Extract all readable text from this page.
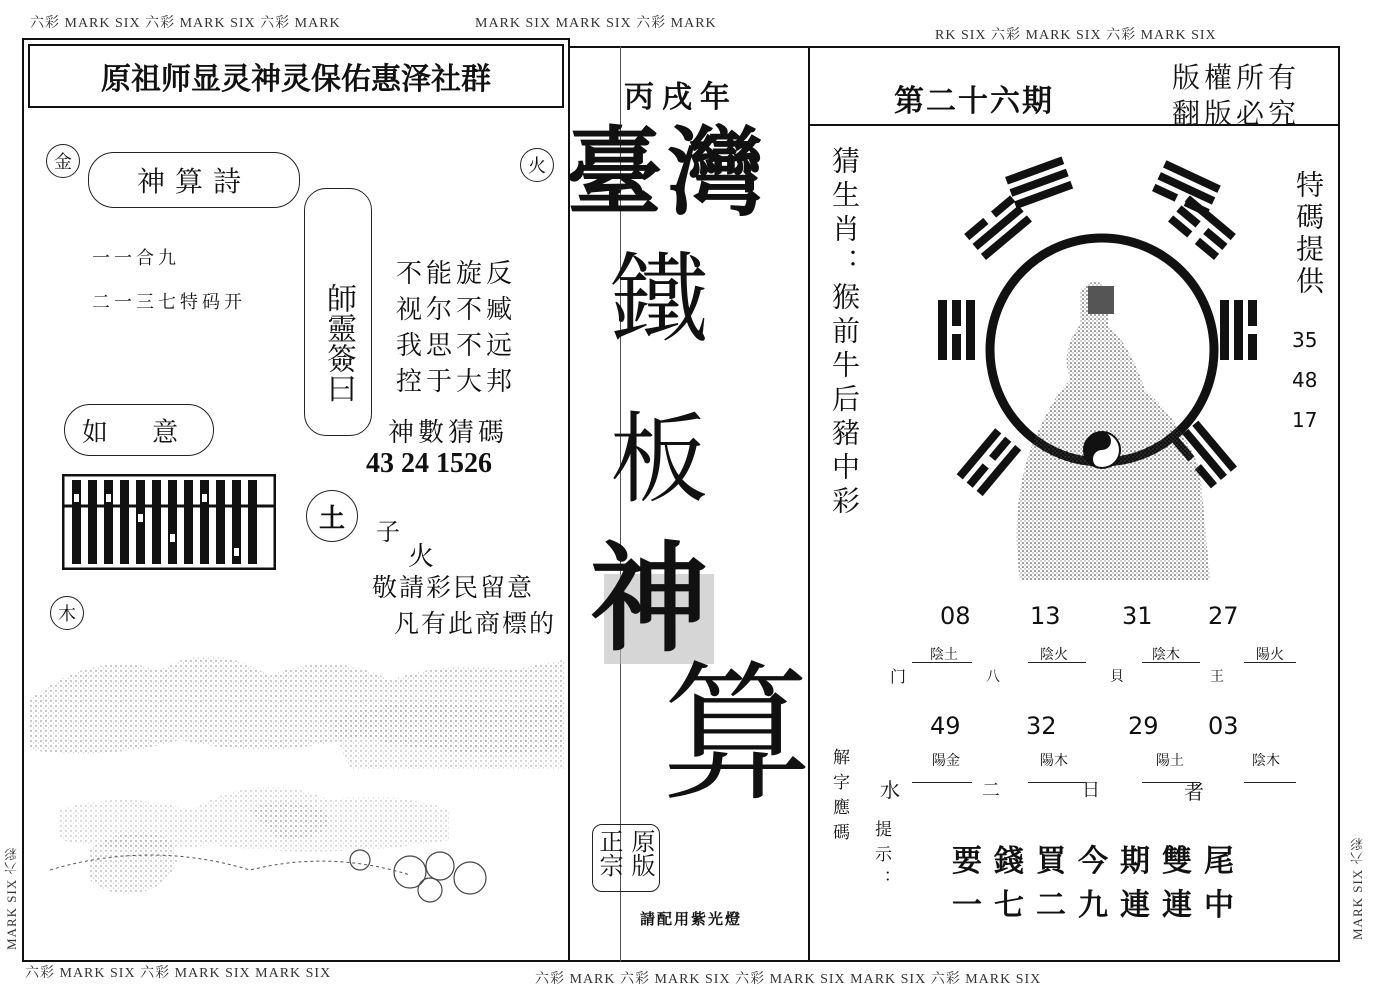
六彩 MARK SIX 六彩 MARK SIX 六彩 MARK	MARK SIX MARK SIX 六彩 MARK
RK SIX 六彩 MARK SIX 六彩 MARK SIX
六彩 MARK SIX 六彩 MARK SIX MARK SIX	六彩 MARK 六彩 MARK SIX 六彩 MARK SIX MARK SIX 六彩 MARK SIX
MARK SIX 六彩	MARK SIX 六彩
原祖师显灵神灵保佑惠泽社群
金	火
木
土
神算詩
一一合九
二一三七特码开	師靈簽曰
不能旋反
视尔不臧
我思不远
控于大邦
如 意	神數猜碼
43 24 1526
子
火
敬請彩民留意
凡有此商標的
丙戌年
臺灣
鐵
板
神
算
正宗 原版
請配用紫光燈
第二十六期
版權所有
翻版必究
猜生肖：猴前牛后豬中彩	特碼提供
35
48
17
08 13	31 27
陰土	陰火	陰木	陽火
门	八	貝	王
49	32	29 03
陽金	陽木	陽土	陰木
水	二	日	者
解字應碼
提示： 要錢買今期雙尾
一七二九連連中
